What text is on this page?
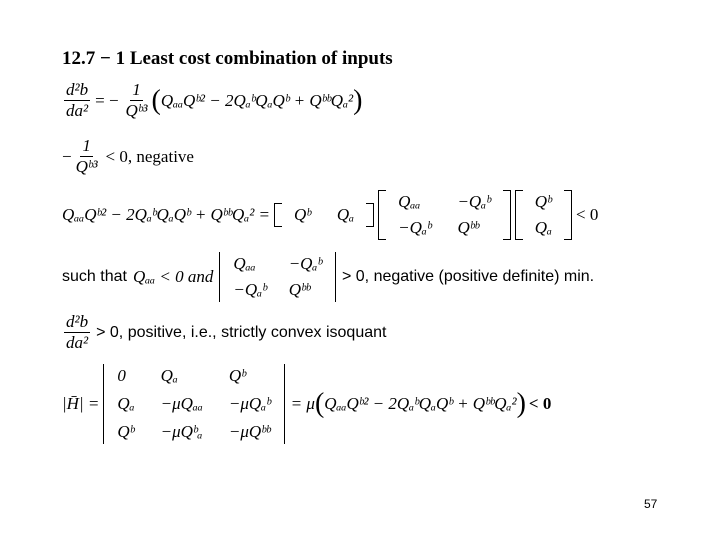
12.7 − 1 Least cost combination of inputs
$\frac{\text{d²b}}{\text{da²}}$ = − $\frac{1}{\text{Qᵇ³}}$ ( QₐₐQᵇ² − 2QₐᵇQₐQᵇ + QᵇᵇQₐ² )
− $\frac{1}{\text{Qᵇ³}} < 0$, negative
QₐₐQᵇ² − 2QₐᵇQₐQᵇ + QᵇᵇQₐ² = Qᵇ Qₐ
Qₐₐ	−Qₐᵇ
−Qₐᵇ Qᵇᵇ
Qᵇ
Qₐ
< 0
such that Qₐₐ < 0 and
Qₐₐ	−Qₐᵇ
−Qₐᵇ Qᵇᵇ
> 0, negative (positive definite) min.
$\frac{\text{d²b}}{\text{da²}} > 0$, positive, i.e., strictly convex isoquant
|H̄| =
0	Qₐ	Qᵇ
Qₐ −μQₐₐ −μQₐᵇ
Qᵇ −μQᵇₐ −μQᵇᵇ
= μ ( QₐₐQᵇ² − 2QₐᵇQₐQᵇ + QᵇᵇQₐ² ) < 0
57
